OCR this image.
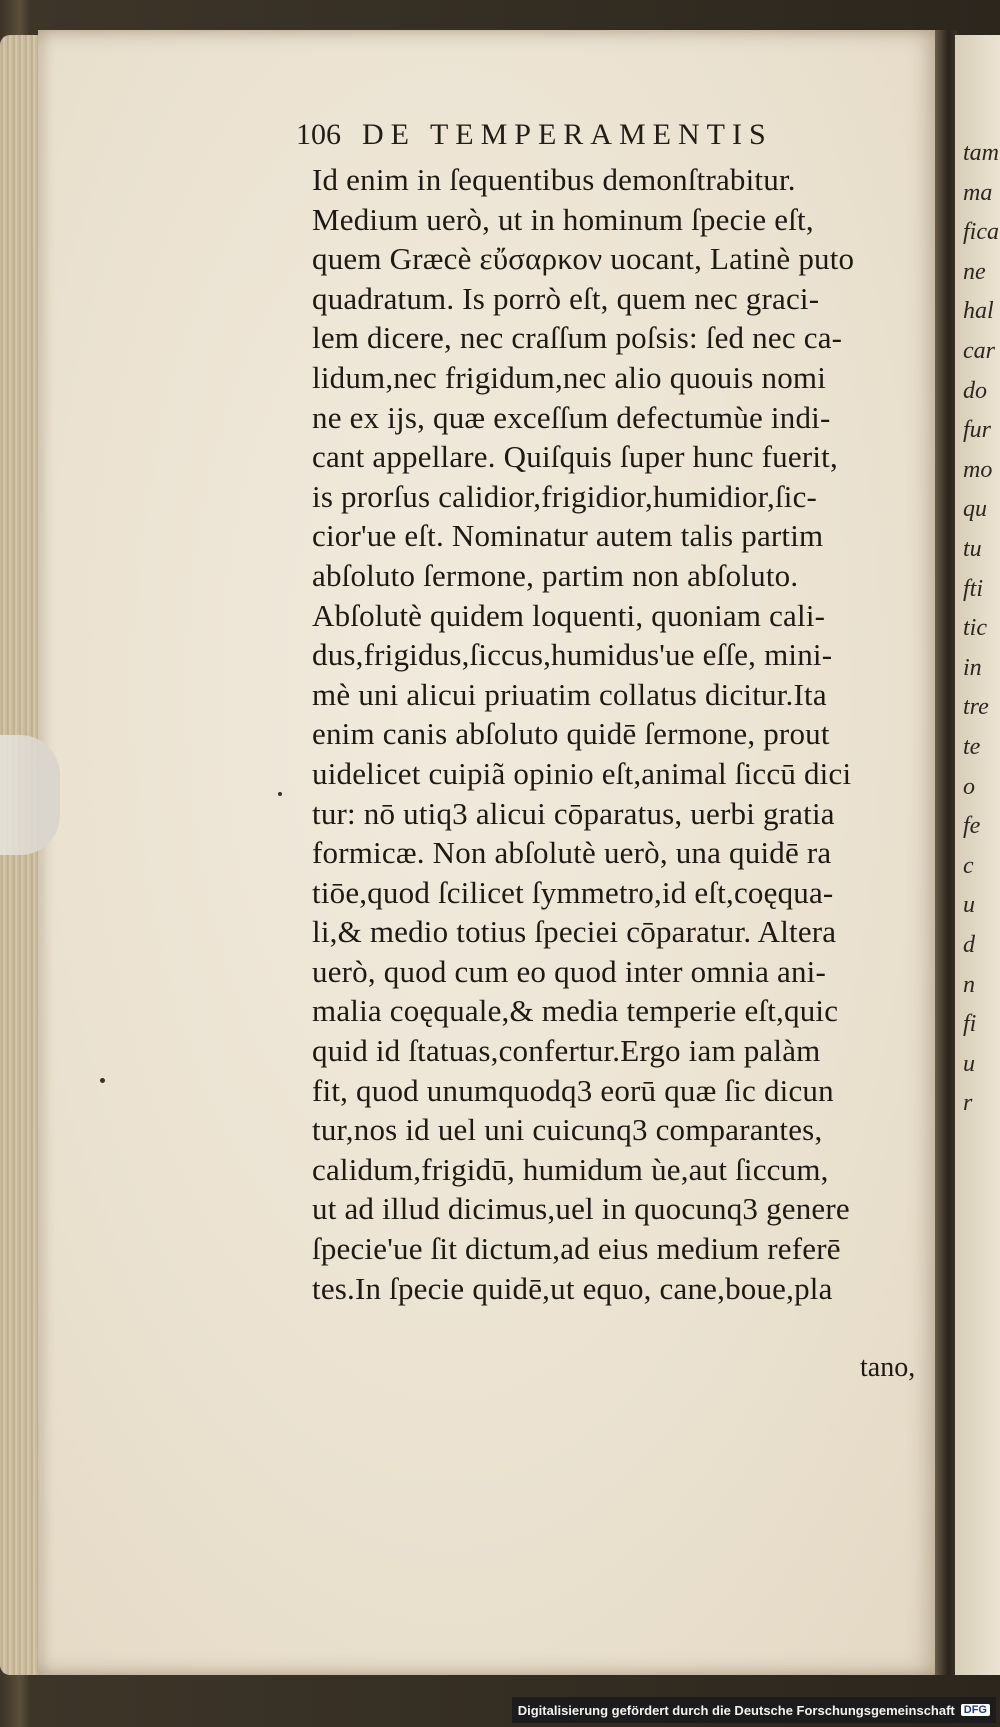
tam
ma
fica
ne
hal
car
do
fur
mo
qu
tu
fti
tic
in
tre
te
o
fe
c
u
d
n
fi
u
r
106 DE TEMPERAMENTIS
Id enim in ſequentibus demonſtrabitur.
Medium uerò, ut in hominum ſpecie eſt,
quem Græcè εὔσαρκον uocant, Latinè puto
quadratum. Is porrò eſt, quem nec graci-
lem dicere, nec craſſum poſsis: ſed nec ca-
lidum,nec frigidum,nec alio quouis nomi
ne ex ijs, quæ exceſſum defectumùe indi-
cant appellare. Quiſquis ſuper hunc fuerit,
is prorſus calidior,frigidior,humidior,ſic-
cior'ue eſt. Nominatur autem talis partim
abſoluto ſermone, partim non abſoluto.
Abſolutè quidem loquenti, quoniam cali-
dus,frigidus,ſiccus,humidus'ue eſſe, mini-
mè uni alicui priuatim collatus dicitur.Ita
enim canis abſoluto quidē ſermone, prout
uidelicet cuipiã opinio eſt,animal ſiccū dici
tur: nō utiq3 alicui cōparatus, uerbi gratia
formicæ. Non abſolutè uerò, una quidē ra
tiōe,quod ſcilicet ſymmetro,id eſt,coęqua-
li,& medio totius ſpeciei cōparatur. Altera
uerò, quod cum eo quod inter omnia ani-
malia coęquale,& media temperie eſt,quic
quid id ſtatuas,confertur.Ergo iam palàm
fit, quod unumquodq3 eorū quæ ſic dicun
tur,nos id uel uni cuicunq3 comparantes,
calidum,frigidū, humidum ùe,aut ſiccum,
ut ad illud dicimus,uel in quocunq3 genere
ſpecie'ue ſit dictum,ad eius medium referē
tes.In ſpecie quidē,ut equo, cane,boue,pla
tano,
Digitalisierung gefördert durch die Deutsche Forschungsgemeinschaft DFG
